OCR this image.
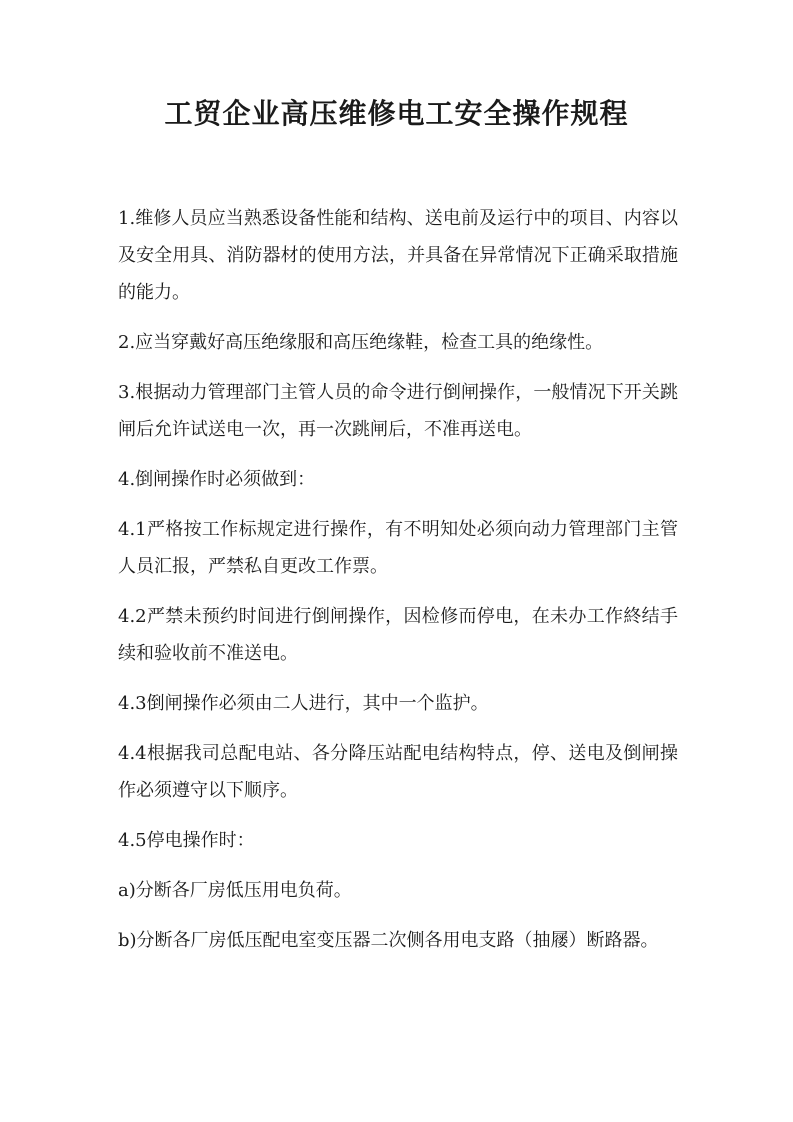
工贸企业高压维修电工安全操作规程

1.维修人员应当熟悉设备性能和结构、送电前及运行中的项目、内容以及安全用具、消防器材的使用方法，并具备在异常情况下正确采取措施的能力。

2.应当穿戴好高压绝缘服和高压绝缘鞋，检查工具的绝缘性。

3.根据动力管理部门主管人员的命令进行倒闸操作，一般情况下开关跳闸后允许试送电一次，再一次跳闸后，不准再送电。

4.倒闸操作时必须做到：

4.1严格按工作标规定进行操作，有不明知处必须向动力管理部门主管人员汇报，严禁私自更改工作票。

4.2严禁未预约时间进行倒闸操作，因检修而停电，在未办工作終结手续和验收前不准送电。

4.3倒闸操作必须由二人进行，其中一个监护。

4.4根据我司总配电站、各分降压站配电结构特点，停、送电及倒闸操作必须遵守以下顺序。

4.5停电操作时：

a)分断各厂房低压用电负荷。

b)分断各厂房低压配电室变压器二次侧各用电支路（抽屦）断路器。
